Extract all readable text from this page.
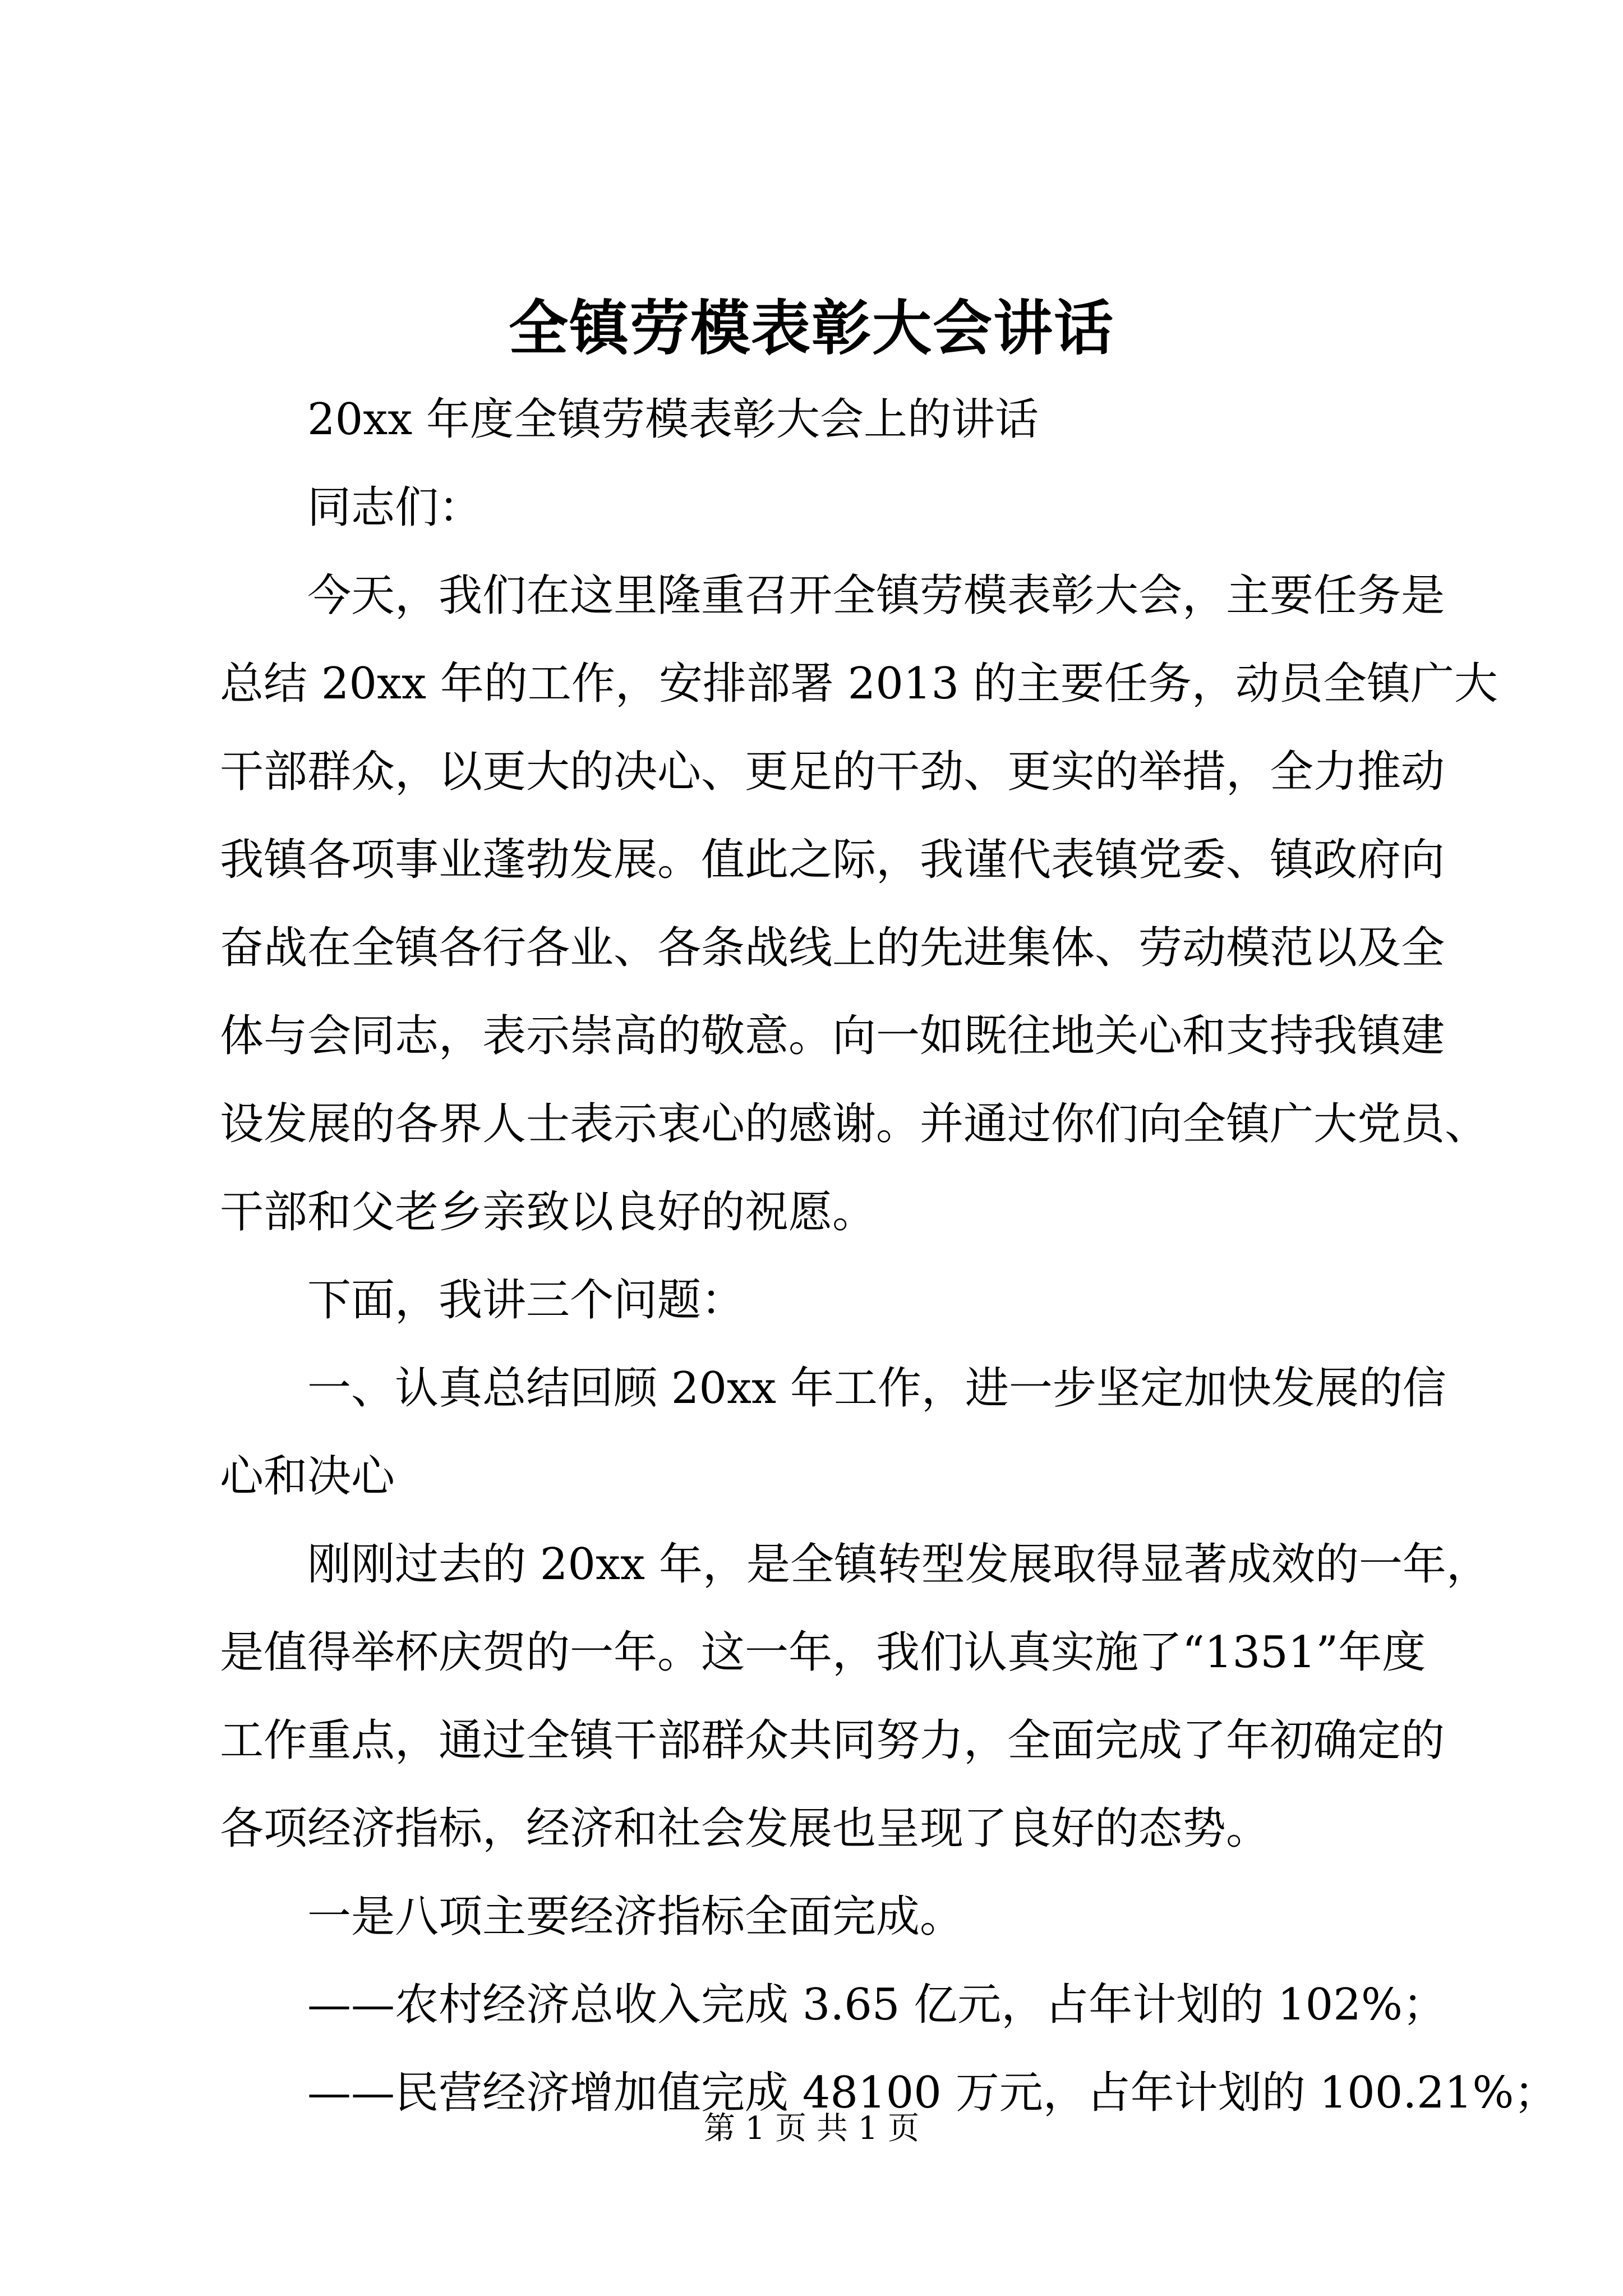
全镇劳模表彰大会讲话
20xx 年度全镇劳模表彰大会上的讲话
同志们：
今天，我们在这里隆重召开全镇劳模表彰大会，主要任务是
总结 20xx 年的工作，安排部署 2013 的主要任务，动员全镇广大
干部群众，以更大的决心、更足的干劲、更实的举措，全力推动
我镇各项事业蓬勃发展。值此之际，我谨代表镇党委、镇政府向
奋战在全镇各行各业、各条战线上的先进集体、劳动模范以及全
体与会同志，表示崇高的敬意。向一如既往地关心和支持我镇建
设发展的各界人士表示衷心的感谢。并通过你们向全镇广大党员、
干部和父老乡亲致以良好的祝愿。
下面，我讲三个问题：
一、认真总结回顾 20xx 年工作，进一步坚定加快发展的信
心和决心
刚刚过去的 20xx 年，是全镇转型发展取得显著成效的一年，
是值得举杯庆贺的一年。这一年，我们认真实施了“1351”年度
工作重点，通过全镇干部群众共同努力，全面完成了年初确定的
各项经济指标，经济和社会发展也呈现了良好的态势。
一是八项主要经济指标全面完成。
——农村经济总收入完成 3.65 亿元，占年计划的 102%；
——民营经济增加值完成 48100 万元，占年计划的 100.21%；
第 1 页 共 1 页
